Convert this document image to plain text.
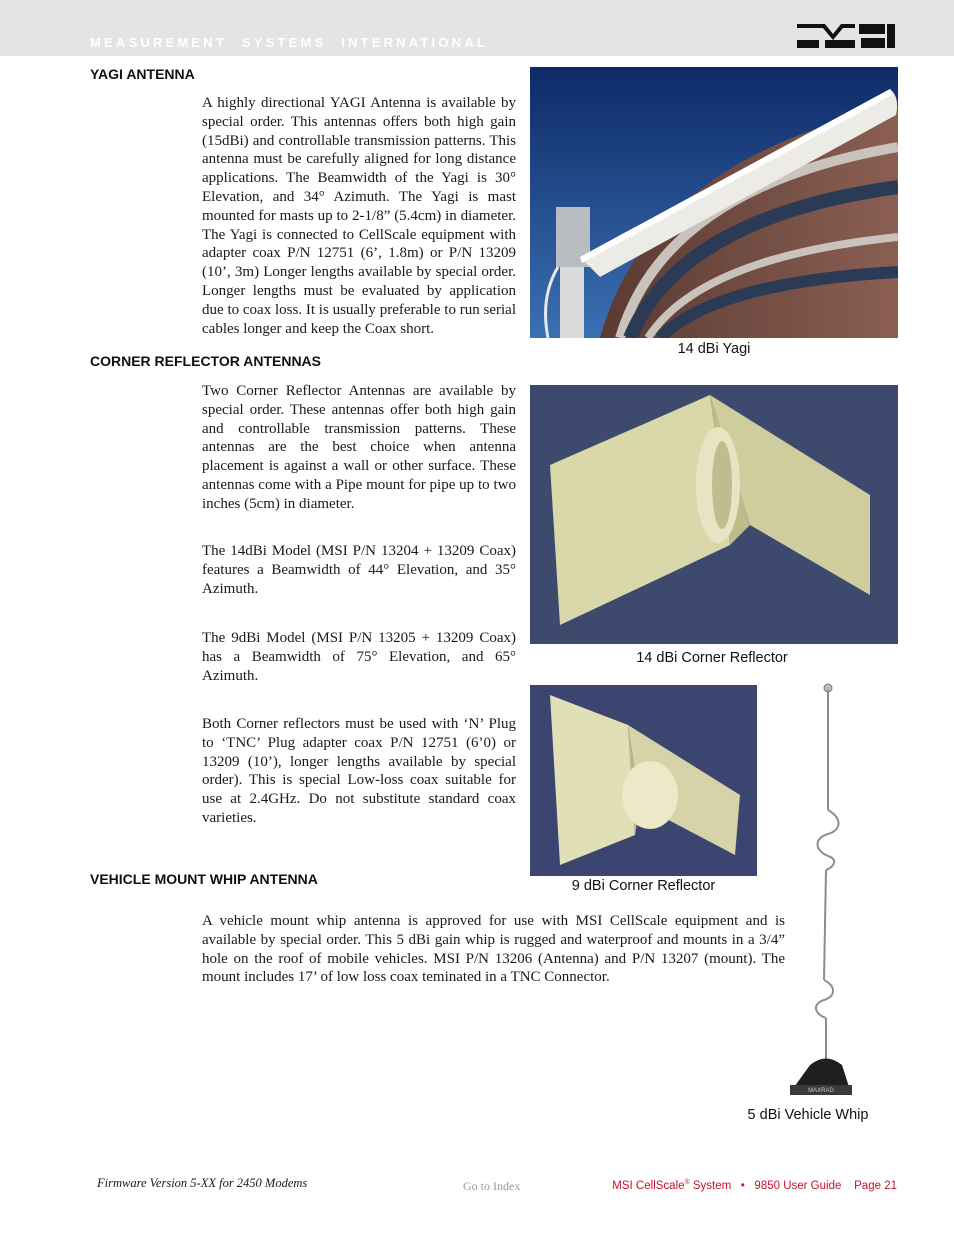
MEASUREMENT SYSTEMS INTERNATIONAL
YAGI ANTENNA

A highly directional YAGI Antenna is available by special order. This antennas offers both high gain (15dBi) and controllable transmission patterns. This antenna must be carefully aligned for long distance applications. The Beamwidth of the Yagi is 30° Elevation, and 34° Azimuth. The Yagi is mast mounted for masts up to 2-1/8” (5.4cm) in diameter. The Yagi is connected to CellScale equipment with adapter coax P/N 12751 (6’, 1.8m) or P/N 13209 (10’, 3m) Longer lengths available by special order. Longer lengths must be evaluated by application due to coax loss. It is usually preferable to run serial cables longer and keep the Coax short.

14 dBi Yagi
CORNER REFLECTOR ANTENNAS

Two Corner Reflector Antennas are available by special order. These antennas offer both high gain and controllable transmission patterns. These antennas are the best choice when antenna placement is against a wall or other surface. These antennas come with a Pipe mount for pipe up to two inches (5cm) in diameter.

The 14dBi Model (MSI P/N 13204 + 13209 Coax) features a Beamwidth of 44° Elevation, and 35° Azimuth.

The 9dBi Model (MSI P/N 13205 + 13209 Coax) has a Beamwidth of 75° Elevation, and 65° Azimuth.

Both Corner reflectors must be used with ‘N’ Plug to ‘TNC’ Plug adapter coax P/N 12751 (6’0) or 13209 (10’), longer lengths available by special order). This is special Low-loss coax suitable for use at 2.4GHz. Do not substitute standard coax varieties.

14 dBi Corner Reflector
9 dBi Corner Reflector
MAXRAD
5 dBi Vehicle Whip
VEHICLE MOUNT WHIP ANTENNA

A vehicle mount whip antenna is approved for use with MSI CellScale equipment and is available by special order. This 5 dBi gain whip is rugged and waterproof and mounts in a 3/4” hole on the roof of mobile vehicles. MSI P/N 13206 (Antenna) and P/N 13207 (mount). The mount includes 17’ of low loss coax teminated in a TNC Connector.

Firmware Version 5-XX for 2450 Modems	Go to Index	MSI CellScale® System   •   9850 User Guide    Page 21
